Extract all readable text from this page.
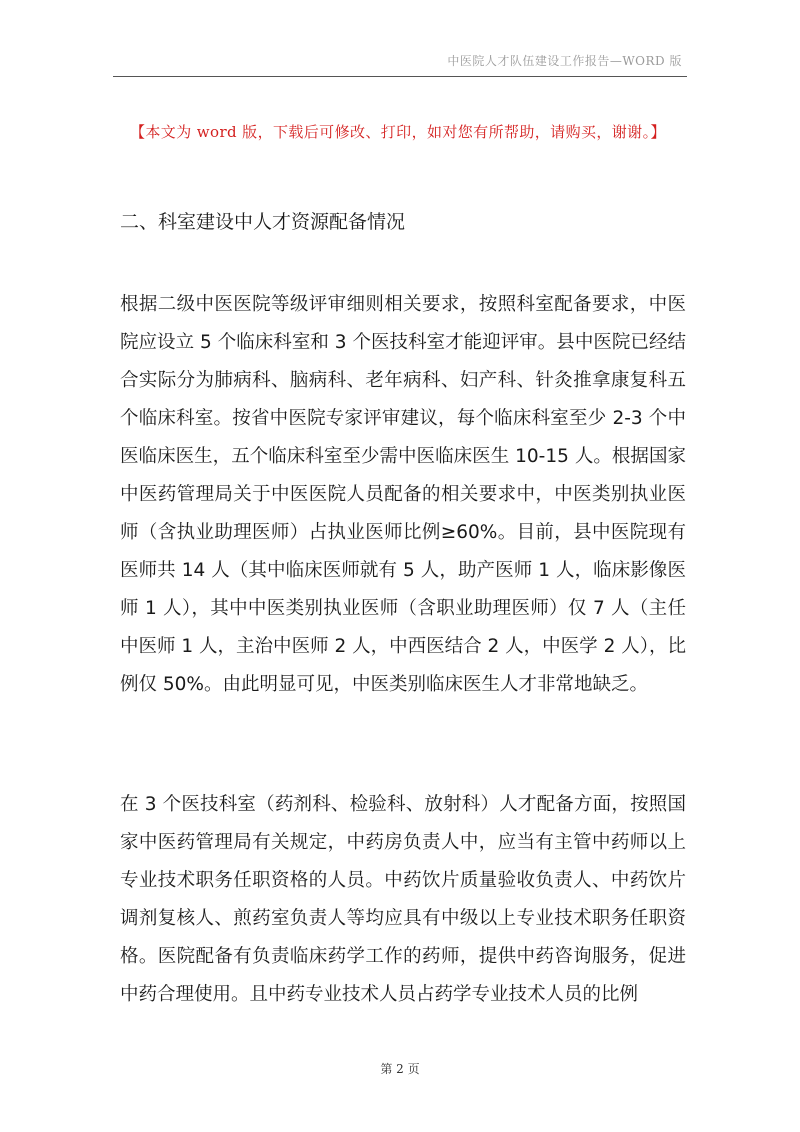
中医院人才队伍建设工作报告—WORD 版
【本文为 word 版，下载后可修改、打印，如对您有所帮助，请购买，谢谢。】
二、科室建设中人才资源配备情况

根据二级中医医院等级评审细则相关要求，按照科室配备要求，中医院应设立 5 个临床科室和 3 个医技科室才能迎评审。县中医院已经结合实际分为肺病科、脑病科、老年病科、妇产科、针灸推拿康复科五个临床科室。按省中医院专家评审建议，每个临床科室至少 2-3 个中医临床医生，五个临床科室至少需中医临床医生 10-15 人。根据国家中医药管理局关于中医医院人员配备的相关要求中，中医类别执业医师（含执业助理医师）占执业医师比例≥60%。目前，县中医院现有医师共 14 人（其中临床医师就有 5 人，助产医师 1 人，临床影像医师 1 人），其中中医类别执业医师（含职业助理医师）仅 7 人（主任中医师 1 人，主治中医师 2 人，中西医结合 2 人，中医学 2 人），比例仅 50%。由此明显可见，中医类别临床医生人才非常地缺乏。

在 3 个医技科室（药剂科、检验科、放射科）人才配备方面，按照国家中医药管理局有关规定，中药房负责人中，应当有主管中药师以上专业技术职务任职资格的人员。中药饮片质量验收负责人、中药饮片调剂复核人、煎药室负责人等均应具有中级以上专业技术职务任职资格。医院配备有负责临床药学工作的药师，提供中药咨询服务，促进中药合理使用。且中药专业技术人员占药学专业技术人员的比例

第 2 页
